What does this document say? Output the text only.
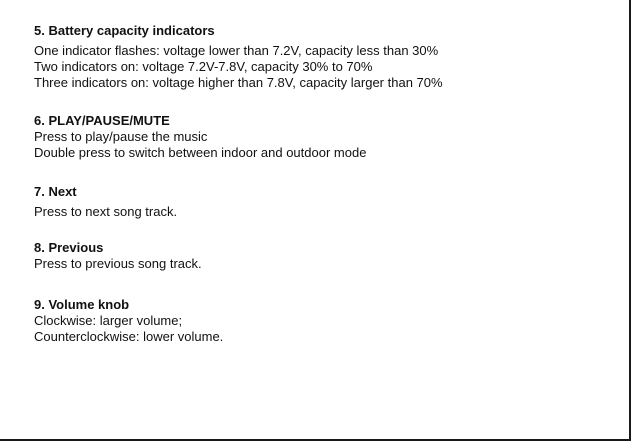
5. Battery capacity indicators

One indicator flashes: voltage lower than 7.2V, capacity less than 30%

Two indicators on: voltage 7.2V-7.8V, capacity 30% to 70%

Three indicators on: voltage higher than 7.8V, capacity larger than 70%

6. PLAY/PAUSE/MUTE

Press to play/pause the music

Double press to switch between indoor and outdoor mode

7. Next

Press to next song track.

8. Previous

Press to previous song track.

9. Volume knob

Clockwise: larger volume;

Counterclockwise: lower volume.
